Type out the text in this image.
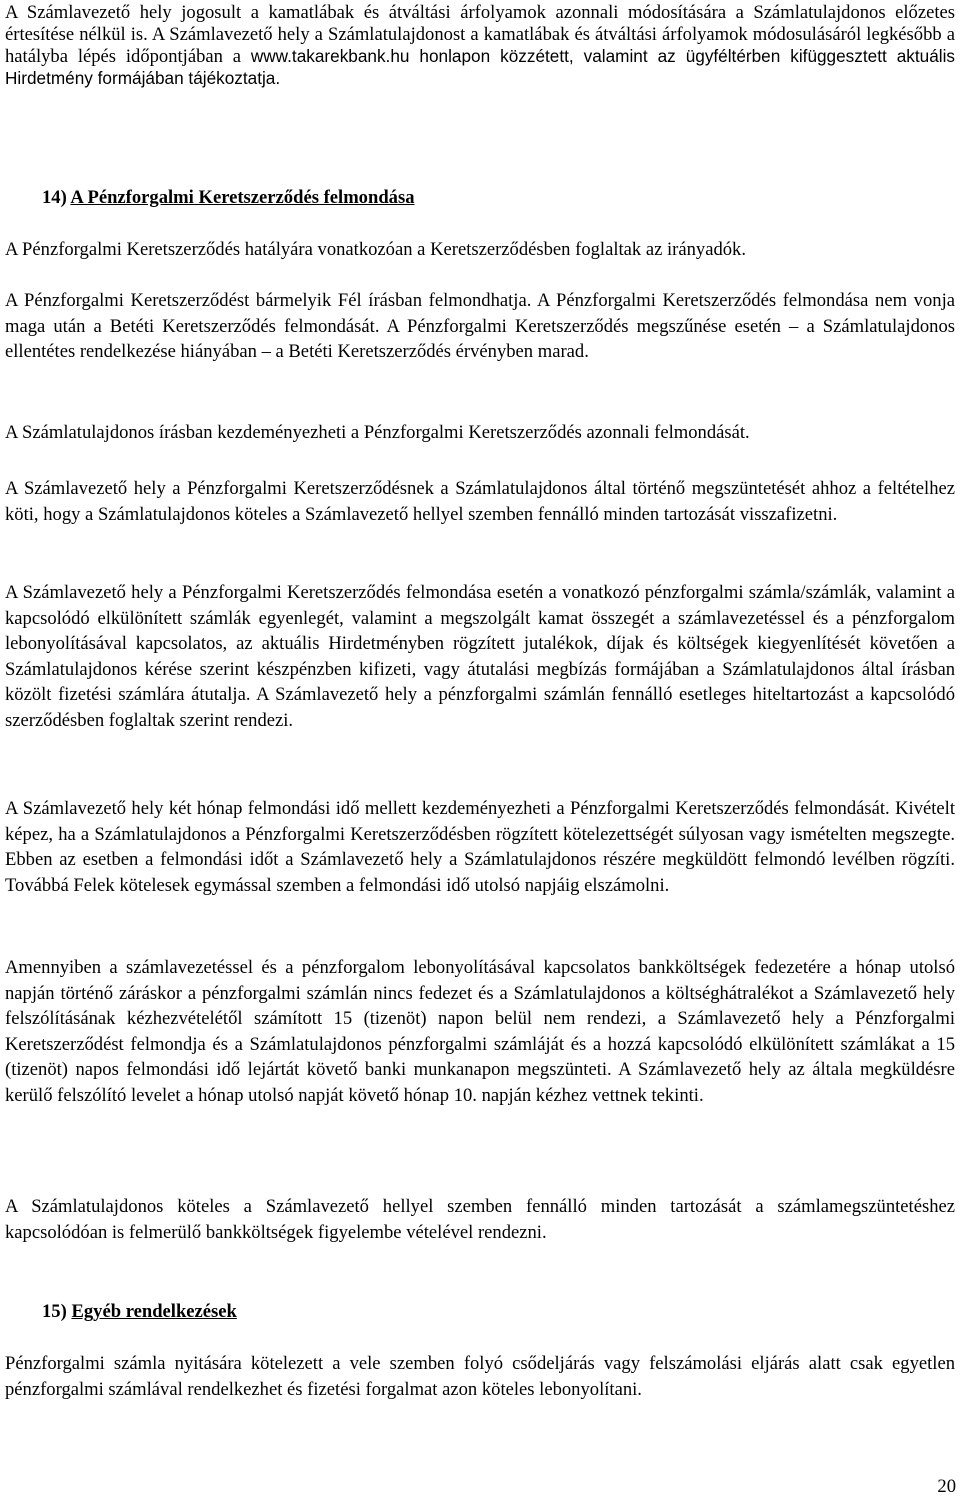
A Számlavezető hely jogosult a kamatlábak és átváltási árfolyamok azonnali módosítására a Számlatulajdonos előzetes értesítése nélkül is. A Számlavezető hely a Számlatulajdonost a kamatlábak és átváltási árfolyamok módosulásáról legkésőbb a hatályba lépés időpontjában a www.takarekbank.hu honlapon közzétett, valamint az ügyféltérben kifüggesztett aktuális Hirdetmény formájában tájékoztatja.

14) A Pénzforgalmi Keretszerződés felmondása

A Pénzforgalmi Keretszerződés hatályára vonatkozóan a Keretszerződésben foglaltak az irányadók.

A Pénzforgalmi Keretszerződést bármelyik Fél írásban felmondhatja. A Pénzforgalmi Keretszerződés felmondása nem vonja maga után a Betéti Keretszerződés felmondását. A Pénzforgalmi Keretszerződés megszűnése esetén – a Számlatulajdonos ellentétes rendelkezése hiányában – a Betéti Keretszerződés érvényben marad.

A Számlatulajdonos írásban kezdeményezheti a Pénzforgalmi Keretszerződés azonnali felmondását.

A Számlavezető hely a Pénzforgalmi Keretszerződésnek a Számlatulajdonos által történő megszüntetését ahhoz a feltételhez köti, hogy a Számlatulajdonos köteles a Számlavezető hellyel szemben fennálló minden tartozását visszafizetni.

A Számlavezető hely a Pénzforgalmi Keretszerződés felmondása esetén a vonatkozó pénzforgalmi számla/számlák, valamint a kapcsolódó elkülönített számlák egyenlegét, valamint a megszolgált kamat összegét a számlavezetéssel és a pénzforgalom lebonyolításával kapcsolatos, az aktuális Hirdetményben rögzített jutalékok, díjak és költségek kiegyenlítését követően a Számlatulajdonos kérése szerint készpénzben kifizeti, vagy átutalási megbízás formájában a Számlatulajdonos által írásban közölt fizetési számlára átutalja. A Számlavezető hely a pénzforgalmi számlán fennálló esetleges hiteltartozást a kapcsolódó szerződésben foglaltak szerint rendezi.

A Számlavezető hely két hónap felmondási idő mellett kezdeményezheti a Pénzforgalmi Keretszerződés felmondását. Kivételt képez, ha a Számlatulajdonos a Pénzforgalmi Keretszerződésben rögzített kötelezettségét súlyosan vagy ismételten megszegte. Ebben az esetben a felmondási időt a Számlavezető hely a Számlatulajdonos részére megküldött felmondó levélben rögzíti. Továbbá Felek kötelesek egymással szemben a felmondási idő utolsó napjáig elszámolni.

Amennyiben a számlavezetéssel és a pénzforgalom lebonyolításával kapcsolatos bankköltségek fedezetére a hónap utolsó napján történő záráskor a pénzforgalmi számlán nincs fedezet és a Számlatulajdonos a költséghátralékot a Számlavezető hely felszólításának kézhezvételétől számított 15 (tizenöt) napon belül nem rendezi, a Számlavezető hely a Pénzforgalmi Keretszerződést felmondja és a Számlatulajdonos pénzforgalmi számláját és a hozzá kapcsolódó elkülönített számlákat a 15 (tizenöt) napos felmondási idő lejártát követő banki munkanapon megszünteti. A Számlavezető hely az általa megküldésre kerülő felszólító levelet a hónap utolsó napját követő hónap 10. napján kézhez vettnek tekinti.

A Számlatulajdonos köteles a Számlavezető hellyel szemben fennálló minden tartozását a számlamegszüntetéshez kapcsolódóan is felmerülő bankköltségek figyelembe vételével rendezni.

15) Egyéb rendelkezések

Pénzforgalmi számla nyitására kötelezett a vele szemben folyó csődeljárás vagy felszámolási eljárás alatt csak egyetlen pénzforgalmi számlával rendelkezhet és fizetési forgalmat azon köteles lebonyolítani.

20
